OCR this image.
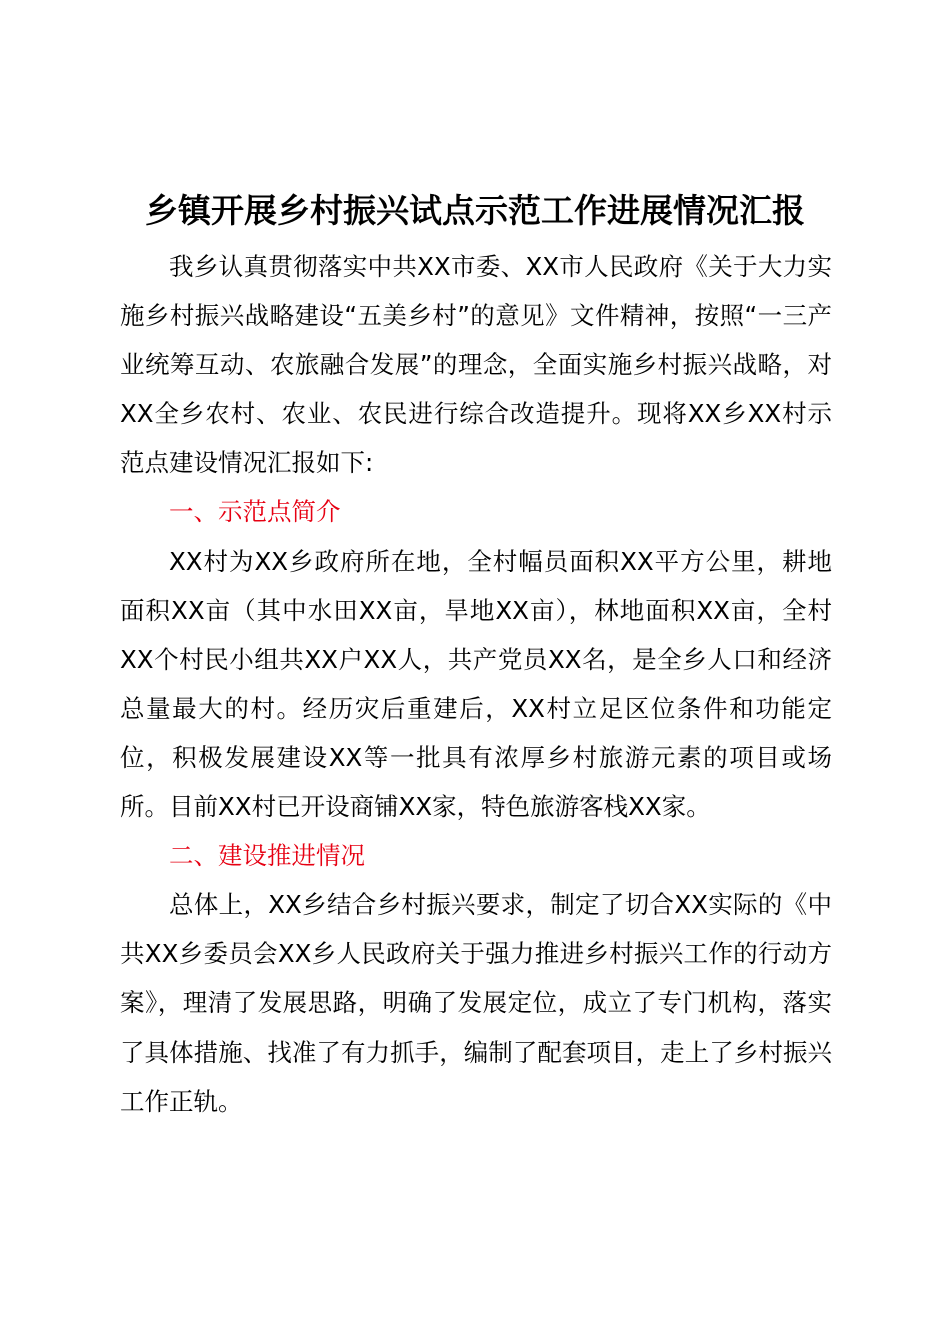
乡镇开展乡村振兴试点示范工作进展情况汇报

我乡认真贯彻落实中共XX市委、XX市人民政府《关于大力实施乡村振兴战略建设“五美乡村”的意见》文件精神，按照“一三产业统筹互动、农旅融合发展”的理念，全面实施乡村振兴战略，对XX全乡农村、农业、农民进行综合改造提升。现将XX乡XX村示范点建设情况汇报如下:

一、示范点简介

XX村为XX乡政府所在地，全村幅员面积XX平方公里，耕地面积XX亩（其中水田XX亩，旱地XX亩），林地面积XX亩，全村XX个村民小组共XX户XX人，共产党员XX名，是全乡人口和经济总量最大的村。经历灾后重建后，XX村立足区位条件和功能定位，积极发展建设XX等一批具有浓厚乡村旅游元素的项目或场所。目前XX村已开设商铺XX家，特色旅游客栈XX家。

二、建设推进情况

总体上，XX乡结合乡村振兴要求，制定了切合XX实际的《中共XX乡委员会XX乡人民政府关于强力推进乡村振兴工作的行动方案》，理清了发展思路，明确了发展定位，成立了专门机构，落实了具体措施、找准了有力抓手，编制了配套项目，走上了乡村振兴工作正轨。
